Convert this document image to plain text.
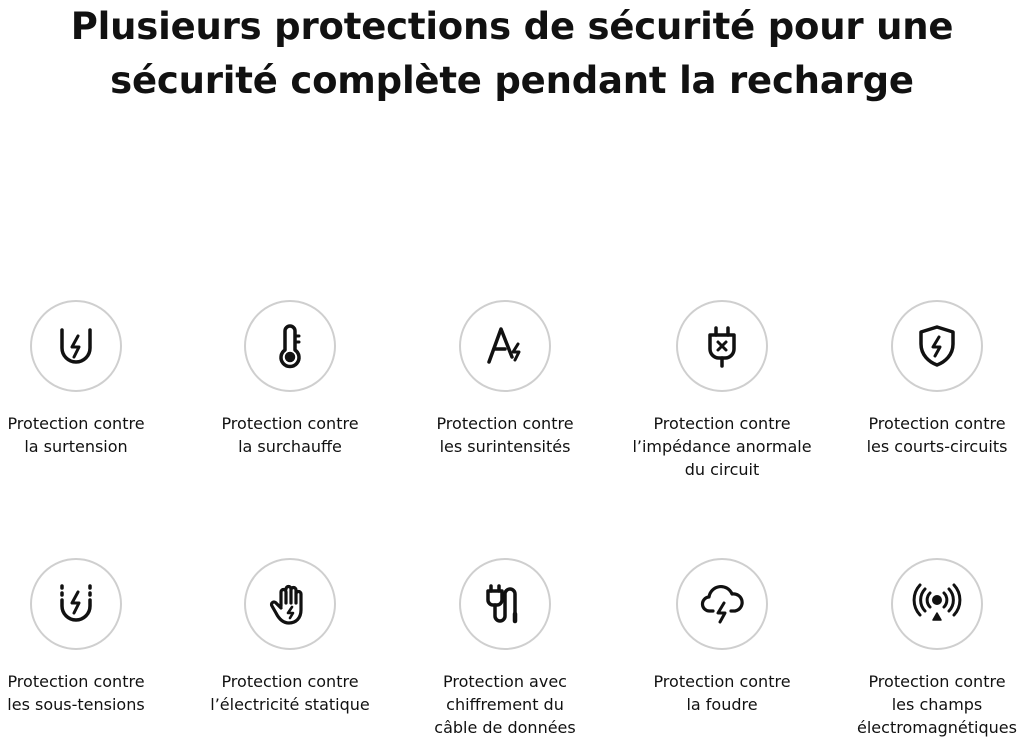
Plusieurs protections de sécurité pour une
sécurité complète pendant la recharge
Protection contre
la surtension
Protection contre
la surchauffe
Protection contre
les surintensités
Protection contre
l’impédance anormale
du circuit
Protection contre
les courts-circuits
Protection contre
les sous-tensions
Protection contre
l’électricité statique
Protection avec
chiffrement du
câble de données
Protection contre
la foudre
Protection contre
les champs
électromagnétiques
